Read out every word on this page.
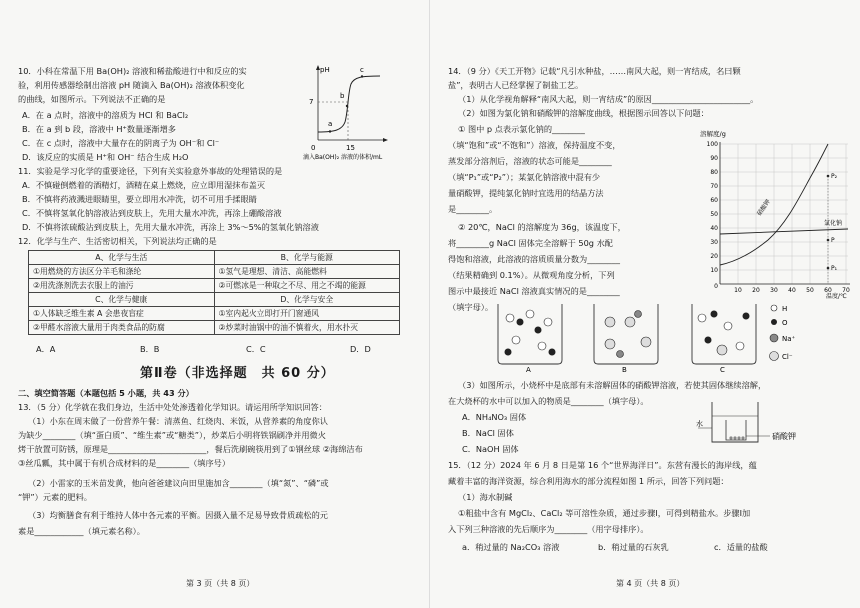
10．小科在常温下用 Ba(OH)₂ 溶液和稀盐酸进行中和反应的实
验，利用传感器绘制出溶液 pH 随滴入 Ba(OH)₂ 溶液体积变化
的曲线，如图所示。下列说法不正确的是
A．在 a 点时，溶液中的溶质为 HCl 和 BaCl₂
B．在 a 到 b 段，溶液中 H⁺数量逐渐增多
C．在 c 点时，溶液中大量存在的阴离子为 OH⁻和 Cl⁻
D．该反应的实质是 H⁺和 OH⁻ 结合生成 H₂O
pH
7
0	15
a
b
c
滴入Ba(OH)₂ 溶液的体积/mL
11．实验是学习化学的重要途径，下列有关实验意外事故的处理错误的是
A．不慎碰倒燃着的酒精灯，酒精在桌上燃烧，应立即用湿抹布盖灭
B．不慎将药液溅进眼睛里，要立即用水冲洗，切不可用手揉眼睛
C．不慎将氢氧化钠溶液沾到皮肤上，先用大量水冲洗，再涂上硼酸溶液
D．不慎将浓硫酸沾到皮肤上，先用大量水冲洗，再涂上 3%～5%的氢氧化钠溶液
12．化学与生产、生活密切相关，下列说法均正确的是
A、化学与生活	B、化学与能源
①用燃烧的方法区分羊毛和涤纶	①氢气是理想、清洁、高能燃料
②用洗涤剂洗去衣服上的油污	②可燃冰是一种取之不尽、用之不竭的能源
C、化学与健康	D、化学与安全
①人体缺乏维生素 A 会患夜盲症	①室内起火立即打开门窗通风
②甲醛水溶液大量用于肉类食品的防腐	②炒菜时油锅中的油不慎着火，用水扑灭
A．A	B．B	C．C	D．D
第Ⅱ卷（非选择题　共 60 分）
二、填空简答题（本题包括 5 小题，共 43 分）
13．（5 分）化学就在我们身边，生活中处处渗透着化学知识。请运用所学知识回答：
（1）小东在周末做了一份营养午餐：清蒸鱼、红烧肉、米饭，从营养素的角度你认
为缺少________（填“蛋白质”、“维生素”或“糖类”），炒菜后小明将铁锅刷净并用微火
烤干放置可防锈，原理是________________________，餐后洗刷碗筷用到了①钢丝球 ②海绵洁布
③丝瓜瓤，其中属于有机合成材料的是________（填序号）
（2）小雷家的玉米苗发黄，他向爸爸建议向田里施加含________（填“氮”、“磷”或
“钾”）元素的肥料。
（3）均衡膳食有利于维持人体中各元素的平衡。因摄入量不足易导致骨质疏松的元
素是____________（填元素名称）。
第 3 页（共 8 页）
14．（9 分）《天工开物》记载“凡引水种盐，……南风大起，则一宵结成，名曰颗
盐”，表明古人已经掌握了制盐工艺。
（1）从化学视角解释“南风大起，则一宵结成”的原因________________________。
（2）如图为氯化钠和硝酸钾的溶解度曲线，根据图示回答以下问题：
① 图中 p 点表示氯化钠的________
（填“饱和”或“不饱和”）溶液，保持温度不变，
蒸发部分溶剂后，溶液的状态可能是________
（填“P₁”或“P₂”）；某氯化钠溶液中混有少
量硝酸钾，提纯氯化钠时宜选用的结晶方法
是________。
② 20℃，NaCl 的溶解度为 36g，该温度下，
将________g NaCl 固体完全溶解于 50g 水配
得饱和溶液，此溶液的溶质质量分数为________
（结果精确到 0.1%）。从微观角度分析，下列
图示中最接近 NaCl 溶液真实情况的是________
（填字母）。
溶解度/g
100
90
80
70
60
50
40
30
20
10
0
10 20 30 40 50 60 70
温度/℃
硝酸钾
氯化钠
P₂
P
P₁
A	B	C
H
O
Na⁺
Cl⁻
（3）如图所示，小烧杯中是底部有未溶解固体的硝酸钾溶液，若使其固体继续溶解，
在大烧杯的水中可以加入的物质是________（填字母）。
A．NH₄NO₃ 固体
B．NaCl 固体
C．NaOH 固体
水
硝酸钾
15．（12 分）2024 年 6 月 8 日是第 16 个“世界海洋日”。东营有漫长的海岸线，蕴
藏着丰富的海洋资源，综合利用海水的部分流程如图 1 所示，回答下列问题：
（1）海水制碱
①粗盐中含有 MgCl₂、CaCl₂ 等可溶性杂质，通过步骤Ⅰ，可得到精盐水。步骤Ⅰ加
入下列三种溶液的先后顺序为________（用字母排序）。
a．稍过量的 Na₂CO₃ 溶液	b．稍过量的石灰乳	c．适量的盐酸
第 4 页（共 8 页）
